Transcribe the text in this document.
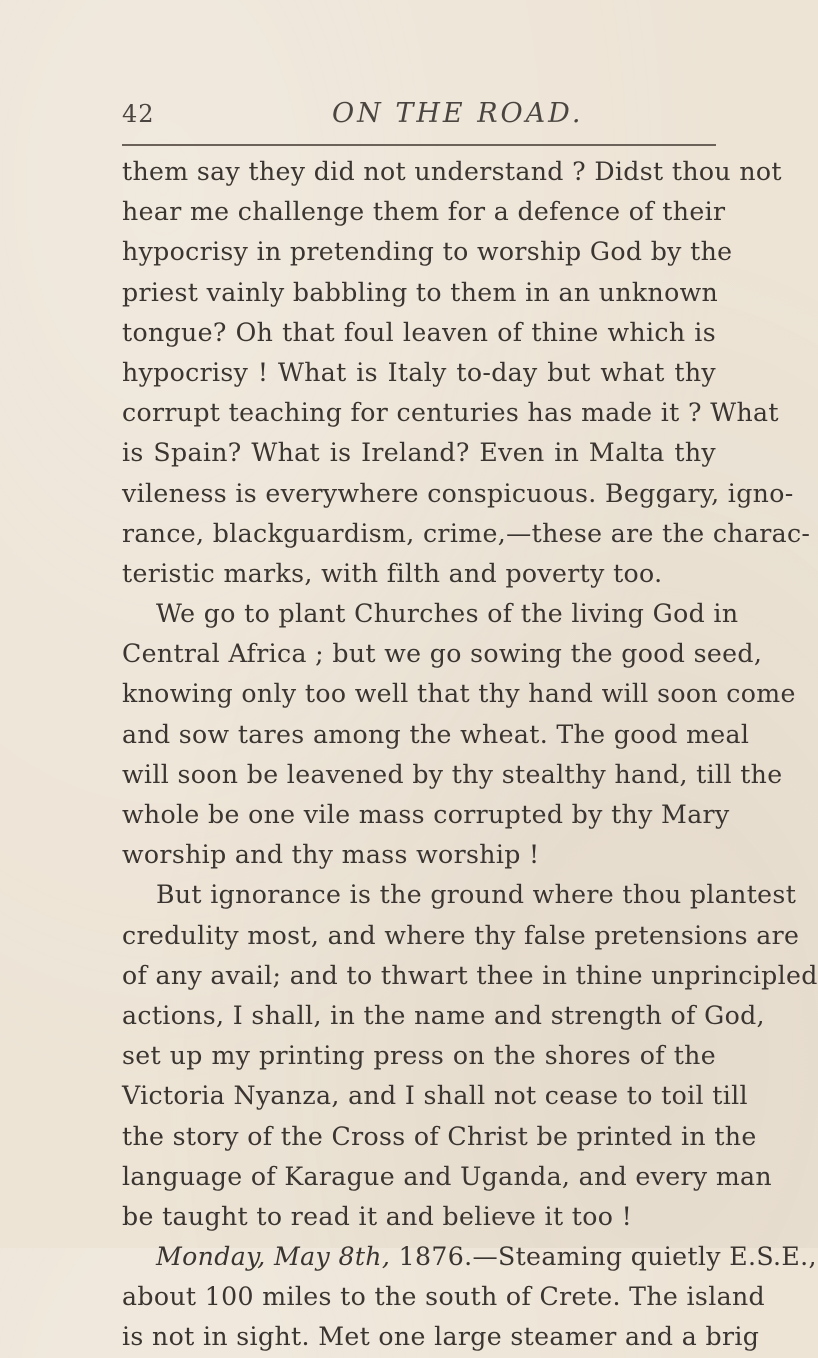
42	ON THE ROAD.
them say they did not understand ? Didst thou not
hear me challenge them for a defence of their
hypocrisy in pretending to worship God by the
priest vainly babbling to them in an unknown
tongue? Oh that foul leaven of thine which is
hypocrisy ! What is Italy to-day but what thy
corrupt teaching for centuries has made it ? What
is Spain? What is Ireland? Even in Malta thy
vileness is everywhere conspicuous. Beggary, igno-
rance, blackguardism, crime,—these are the charac-
teristic marks, with filth and poverty too.
We go to plant Churches of the living God in
Central Africa ; but we go sowing the good seed,
knowing only too well that thy hand will soon come
and sow tares among the wheat. The good meal
will soon be leavened by thy stealthy hand, till the
whole be one vile mass corrupted by thy Mary
worship and thy mass worship !
But ignorance is the ground where thou plantest
credulity most, and where thy false pretensions are
of any avail; and to thwart thee in thine unprincipled
actions, I shall, in the name and strength of God,
set up my printing press on the shores of the
Victoria Nyanza, and I shall not cease to toil till
the story of the Cross of Christ be printed in the
language of Karague and Uganda, and every man
be taught to read it and believe it too !
Monday, May 8th, 1876.—Steaming quietly E.S.E.,
about 100 miles to the south of Crete. The island
is not in sight. Met one large steamer and a brig
